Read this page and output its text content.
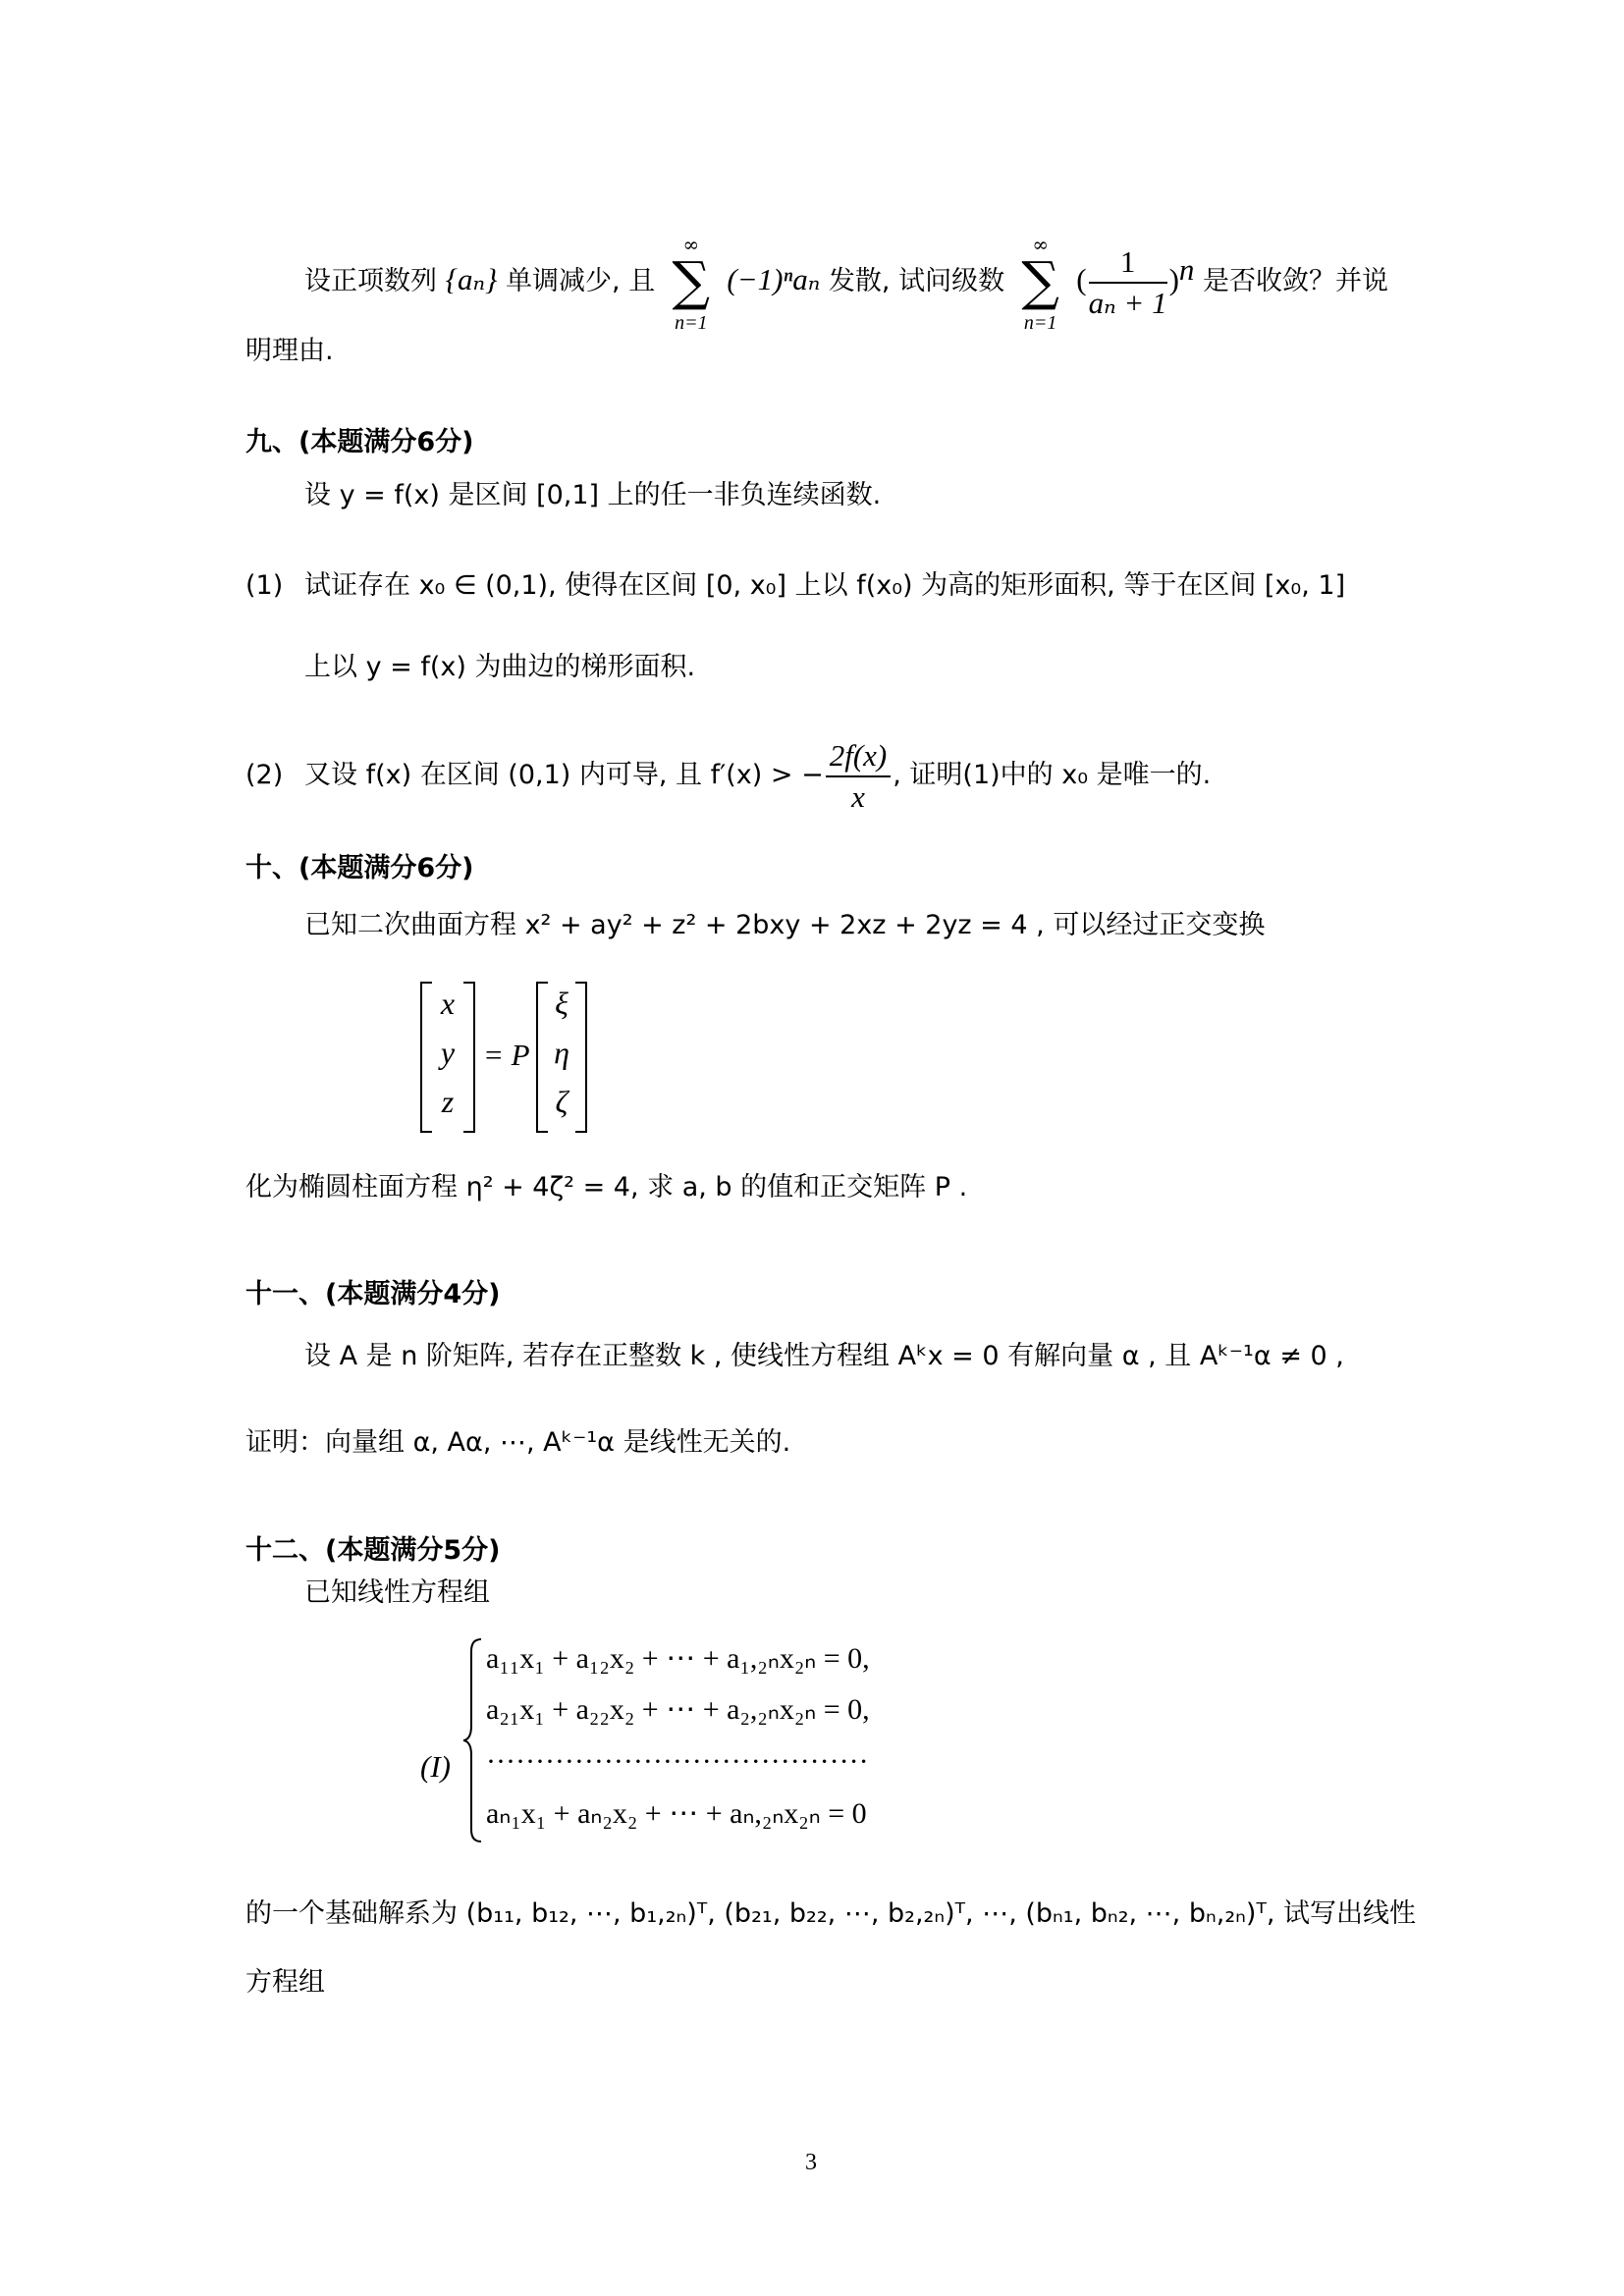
设正项数列 {aₙ} 单调减少, 且
∞
∑
n=1
(−1)ⁿaₙ 发散, 试问级数
∞
∑
n=1
( $\frac{1}{\text{aₙ + 1}} )^n$ 是否收敛？并说
明理由.
九、(本题满分6分)
设 y = f(x) 是区间 [0,1] 上的任一非负连续函数.
(1) 试证存在 x₀ ∈ (0,1), 使得在区间 [0, x₀] 上以 f(x₀) 为高的矩形面积, 等于在区间 [x₀, 1]
上以 y = f(x) 为曲边的梯形面积.
(2) 又设 f(x) 在区间 (0,1) 内可导, 且 f′(x) > − $\frac{2f(x)}{x}$ , 证明(1)中的 x₀ 是唯一的.
十、(本题满分6分)
已知二次曲面方程 x² + ay² + z² + 2bxy + 2xz + 2yz = 4 , 可以经过正交变换
x
y
z
= P
ξ
η
ζ
化为椭圆柱面方程 η² + 4ζ² = 4, 求 a, b 的值和正交矩阵 P .
十一、(本题满分4分)
设 A 是 n 阶矩阵, 若存在正整数 k , 使线性方程组 Aᵏx = 0 有解向量 α , 且 Aᵏ⁻¹α ≠ 0 ,
证明：向量组 α, Aα, ⋯, Aᵏ⁻¹α 是线性无关的.
十二、(本题满分5分)
已知线性方程组
(I)
a₁₁x₁ + a₁₂x₂ + ⋯ + a₁,₂ₙx₂ₙ = 0,
a₂₁x₁ + a₂₂x₂ + ⋯ + a₂,₂ₙx₂ₙ = 0,
·······································
aₙ₁x₁ + aₙ₂x₂ + ⋯ + aₙ,₂ₙx₂ₙ = 0
的一个基础解系为 (b₁₁, b₁₂, ⋯, b₁,₂ₙ)ᵀ, (b₂₁, b₂₂, ⋯, b₂,₂ₙ)ᵀ, ⋯, (bₙ₁, bₙ₂, ⋯, bₙ,₂ₙ)ᵀ, 试写出线性
方程组
3
